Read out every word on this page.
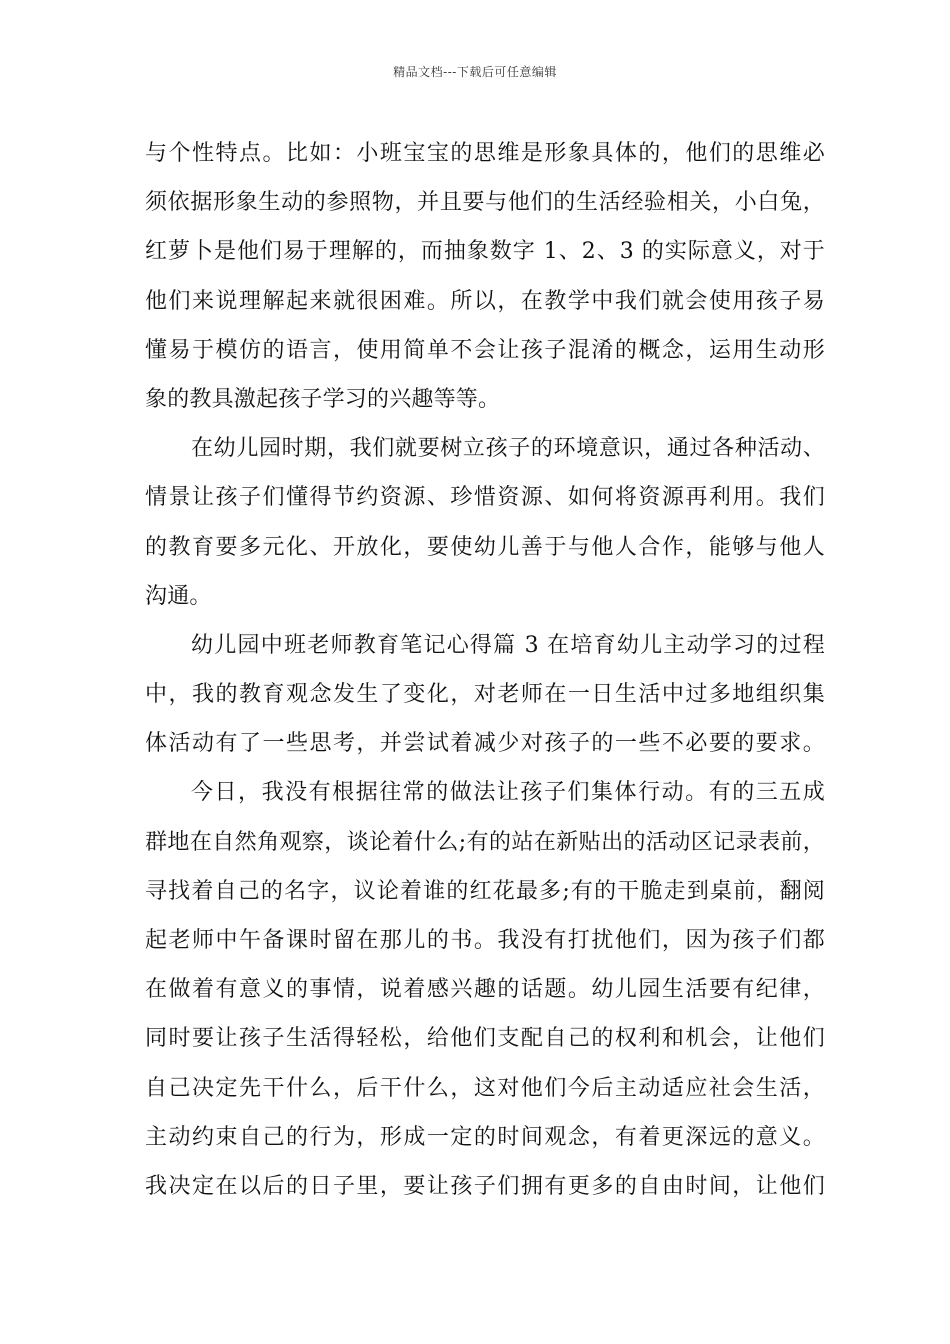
精品文档---下载后可任意编辑
与个性特点。比如：小班宝宝的思维是形象具体的，他们的思维必
须依据形象生动的参照物，并且要与他们的生活经验相关，小白兔，
红萝卜是他们易于理解的，而抽象数字 1、2、3 的实际意义，对于
他们来说理解起来就很困难。所以，在教学中我们就会使用孩子易
懂易于模仿的语言，使用简单不会让孩子混淆的概念，运用生动形
象的教具激起孩子学习的兴趣等等。
在幼儿园时期，我们就要树立孩子的环境意识，通过各种活动、
情景让孩子们懂得节约资源、珍惜资源、如何将资源再利用。我们
的教育要多元化、开放化，要使幼儿善于与他人合作，能够与他人
沟通。
幼儿园中班老师教育笔记心得篇 3 在培育幼儿主动学习的过程
中，我的教育观念发生了变化，对老师在一日生活中过多地组织集
体活动有了一些思考，并尝试着减少对孩子的一些不必要的要求。
今日，我没有根据往常的做法让孩子们集体行动。有的三五成
群地在自然角观察，谈论着什么;有的站在新贴出的活动区记录表前，
寻找着自己的名字，议论着谁的红花最多;有的干脆走到桌前，翻阅
起老师中午备课时留在那儿的书。我没有打扰他们，因为孩子们都
在做着有意义的事情，说着感兴趣的话题。幼儿园生活要有纪律，
同时要让孩子生活得轻松，给他们支配自己的权利和机会，让他们
自己决定先干什么，后干什么，这对他们今后主动适应社会生活，
主动约束自己的行为，形成一定的时间观念，有着更深远的意义。
我决定在以后的日子里，要让孩子们拥有更多的自由时间，让他们
